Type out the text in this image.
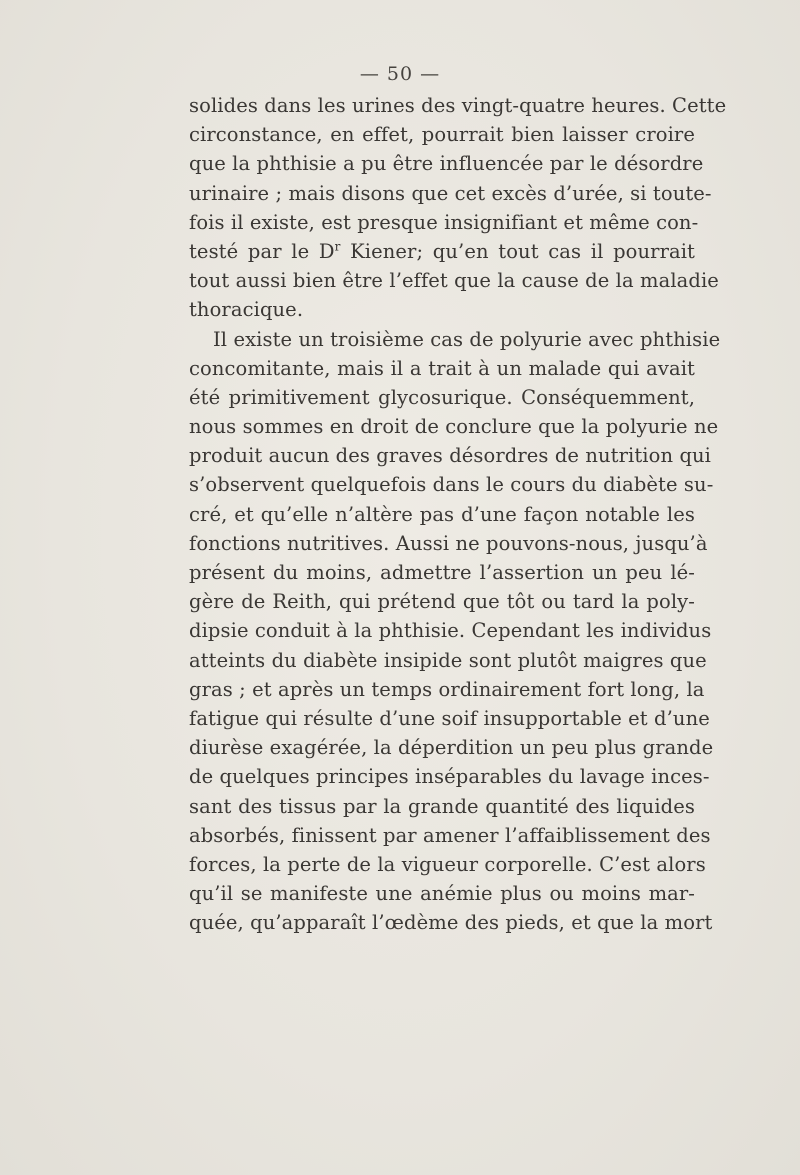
— 50 —
solides dans les urines des vingt-quatre heures. Cette
circonstance, en effet, pourrait bien laisser croire
que la phthisie a pu être influencée par le désordre
urinaire ; mais disons que cet excès d’urée, si toute-
fois il existe, est presque insignifiant et même con-
testé par le $D^r$ Kiener; qu’en tout cas il pourrait
tout aussi bien être l’effet que la cause de la maladie
thoracique.
Il existe un troisième cas de polyurie avec phthisie
concomitante, mais il a trait à un malade qui avait
été primitivement glycosurique. Conséquemment,
nous sommes en droit de conclure que la polyurie ne
produit aucun des graves désordres de nutrition qui
s’observent quelquefois dans le cours du diabète su-
cré, et qu’elle n’altère pas d’une façon notable les
fonctions nutritives. Aussi ne pouvons-nous, jusqu’à
présent du moins, admettre l’assertion un peu lé-
gère de Reith, qui prétend que tôt ou tard la poly-
dipsie conduit à la phthisie. Cependant les individus
atteints du diabète insipide sont plutôt maigres que
gras ; et après un temps ordinairement fort long, la
fatigue qui résulte d’une soif insupportable et d’une
diurèse exagérée, la déperdition un peu plus grande
de quelques principes inséparables du lavage inces-
sant des tissus par la grande quantité des liquides
absorbés, finissent par amener l’affaiblissement des
forces, la perte de la vigueur corporelle. C’est alors
qu’il se manifeste une anémie plus ou moins mar-
quée, qu’apparaît l’œdème des pieds, et que la mort
